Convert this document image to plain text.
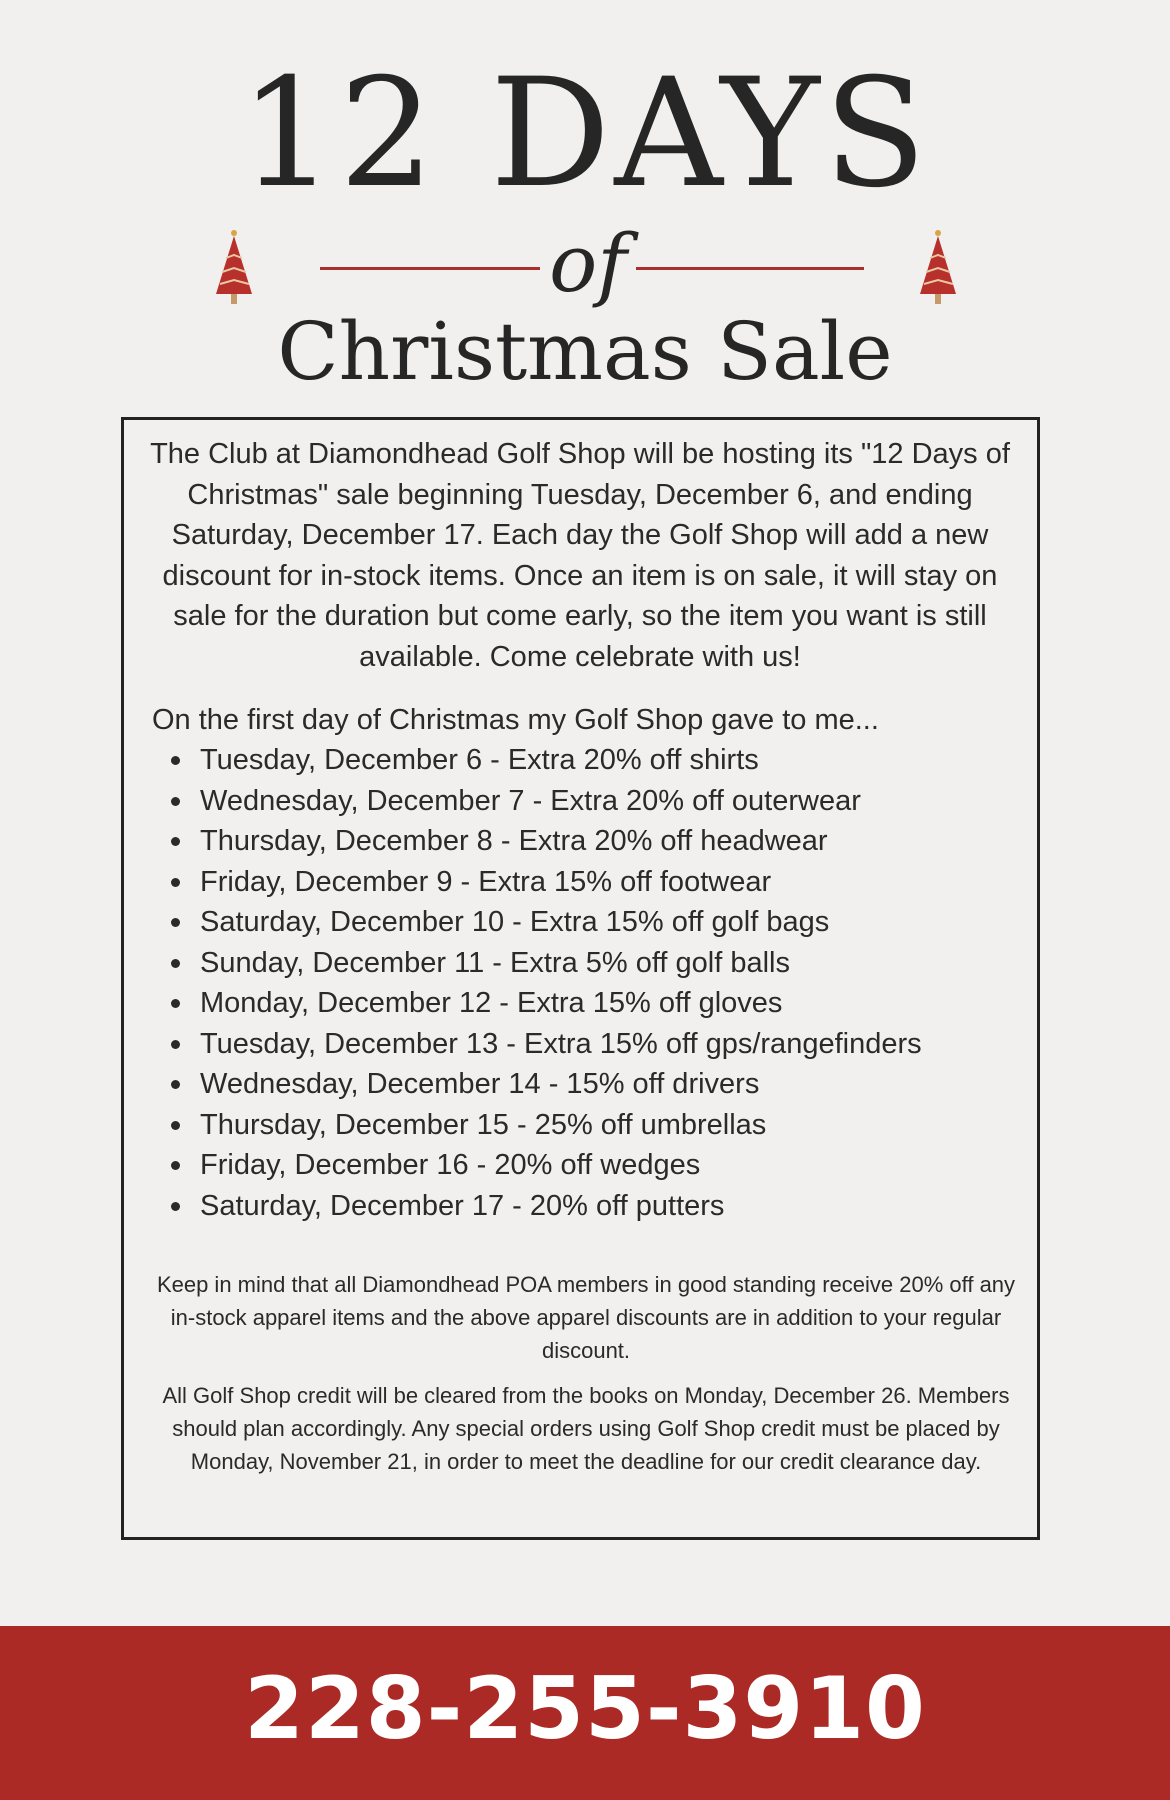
12 DAYS
of
Christmas Sale

The Club at Diamondhead Golf Shop will be hosting its "12 Days of Christmas" sale beginning Tuesday, December 6, and ending Saturday, December 17. Each day the Golf Shop will add a new discount for in-stock items. Once an item is on sale, it will stay on sale for the duration but come early, so the item you want is still available. Come celebrate with us!

On the first day of Christmas my Golf Shop gave to me...

Tuesday, December 6 - Extra 20% off shirts
Wednesday, December 7 - Extra 20% off outerwear
Thursday, December 8 - Extra 20% off headwear
Friday, December 9 - Extra 15% off footwear
Saturday, December 10 - Extra 15% off golf bags
Sunday, December 11 - Extra 5% off golf balls
Monday, December 12 - Extra 15% off gloves
Tuesday, December 13 - Extra 15% off gps/rangefinders
Wednesday, December 14 - 15% off drivers
Thursday, December 15 - 25% off umbrellas
Friday, December 16 - 20% off wedges
Saturday, December 17 - 20% off putters

Keep in mind that all Diamondhead POA members in good standing receive 20% off any in-stock apparel items and the above apparel discounts are in addition to your regular discount.

All Golf Shop credit will be cleared from the books on Monday, December 26. Members should plan accordingly. Any special orders using Golf Shop credit must be placed by Monday, November 21, in order to meet the deadline for our credit clearance day.

228-255-3910
